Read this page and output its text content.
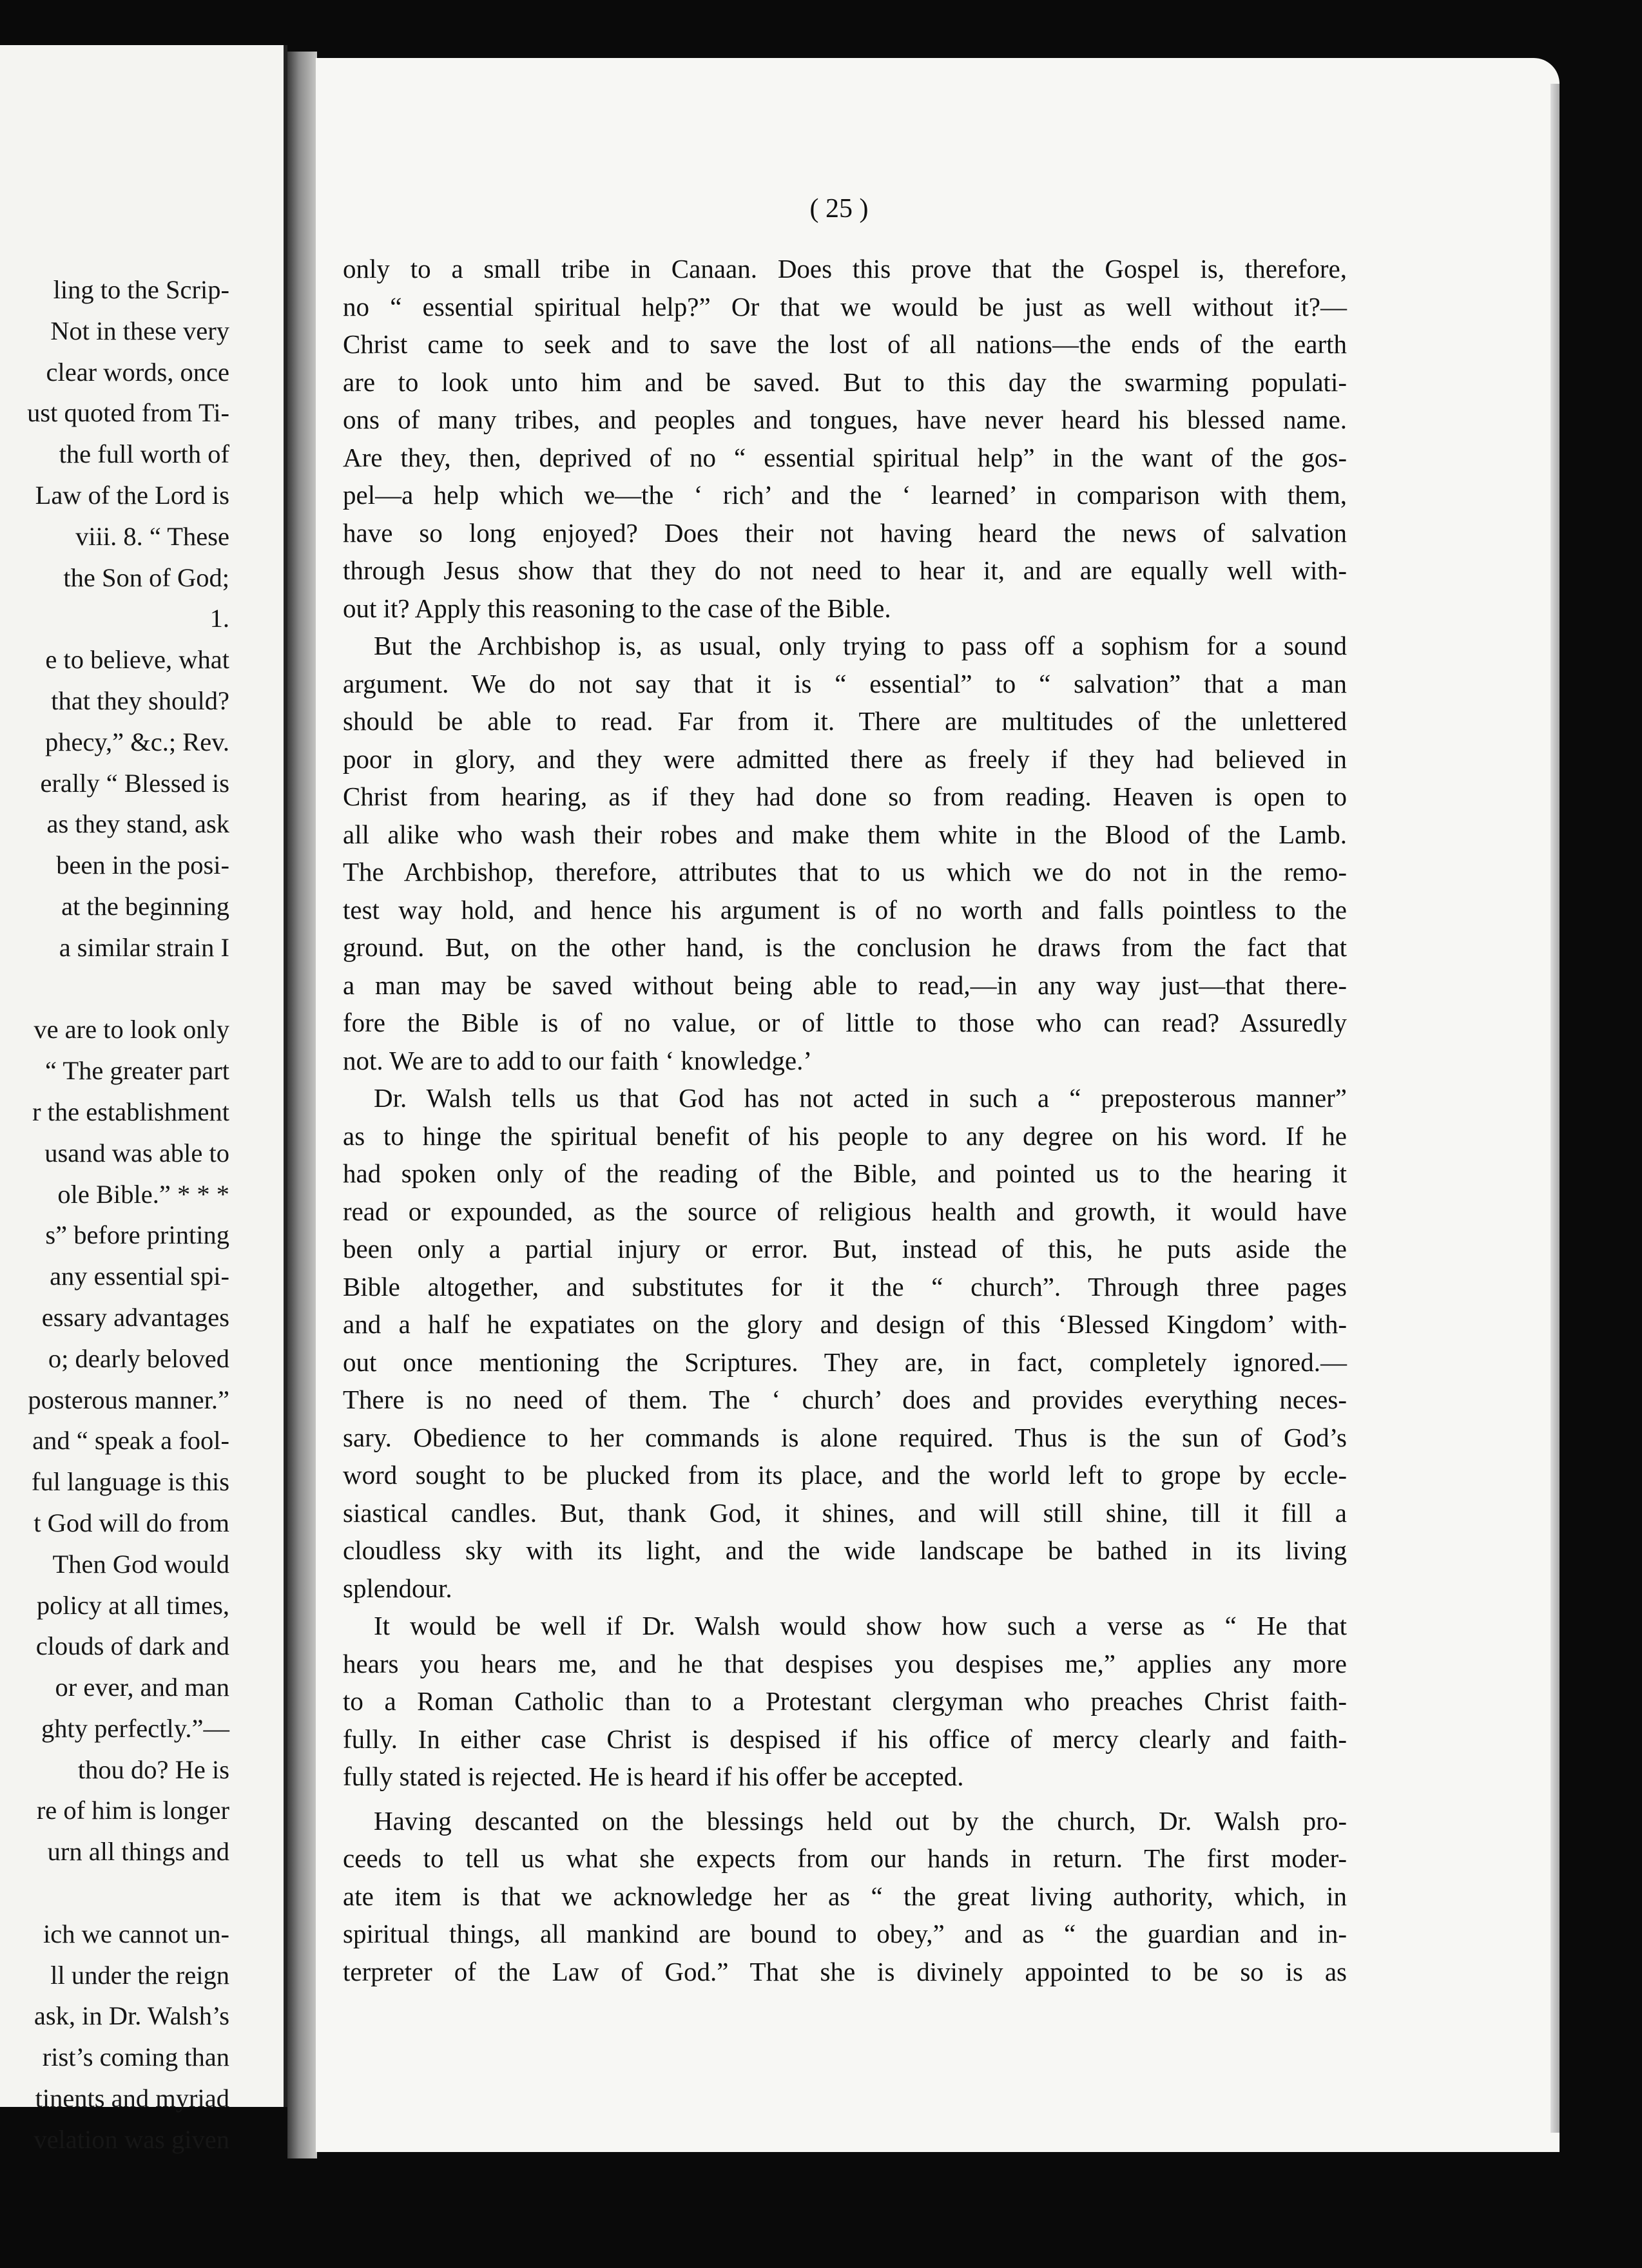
ling to the Scrip-
Not in these very
clear words, once
ust quoted from Ti-
the full worth of
Law of the Lord is
viii. 8. “ These
the Son of God;
1.
e to believe, what
that they should?
phecy,” &c.; Rev.
erally “ Blessed is
as they stand, ask
been in the posi-
at the beginning
a similar strain I
ve are to look only
“ The greater part
r the establishment
usand was able to
ole Bible.” * * *
s” before printing
any essential spi-
essary advantages
o; dearly beloved
posterous manner.”
and “ speak a fool-
ful language is this
t God will do from
Then God would
policy at all times,
clouds of dark and
or ever, and man
ghty perfectly.”—
thou do? He is
re of him is longer
urn all things and
ich we cannot un-
ll under the reign
ask, in Dr. Walsh’s
rist’s coming than
tinents and myriad
velation was given
( 25 )
only to a small tribe in Canaan. Does this prove that the Gospel is, therefore,
no “ essential spiritual help?” Or that we would be just as well without it?—
Christ came to seek and to save the lost of all nations—the ends of the earth
are to look unto him and be saved. But to this day the swarming populati-
ons of many tribes, and peoples and tongues, have never heard his blessed name.
Are they, then, deprived of no “ essential spiritual help” in the want of the gos-
pel—a help which we—the ‘ rich’ and the ‘ learned’ in comparison with them,
have so long enjoyed? Does their not having heard the news of salvation
through Jesus show that they do not need to hear it, and are equally well with-
out it? Apply this reasoning to the case of the Bible.
But the Archbishop is, as usual, only trying to pass off a sophism for a sound
argument. We do not say that it is “ essential” to “ salvation” that a man
should be able to read. Far from it. There are multitudes of the unlettered
poor in glory, and they were admitted there as freely if they had believed in
Christ from hearing, as if they had done so from reading. Heaven is open to
all alike who wash their robes and make them white in the Blood of the Lamb.
The Archbishop, therefore, attributes that to us which we do not in the remo-
test way hold, and hence his argument is of no worth and falls pointless to the
ground. But, on the other hand, is the conclusion he draws from the fact that
a man may be saved without being able to read,—in any way just—that there-
fore the Bible is of no value, or of little to those who can read? Assuredly
not. We are to add to our faith ‘ knowledge.’
Dr. Walsh tells us that God has not acted in such a “ preposterous manner”
as to hinge the spiritual benefit of his people to any degree on his word. If he
had spoken only of the reading of the Bible, and pointed us to the hearing it
read or expounded, as the source of religious health and growth, it would have
been only a partial injury or error. But, instead of this, he puts aside the
Bible altogether, and substitutes for it the “ church”. Through three pages
and a half he expatiates on the glory and design of this ‘Blessed Kingdom’ with-
out once mentioning the Scriptures. They are, in fact, completely ignored.—
There is no need of them. The ‘ church’ does and provides everything neces-
sary. Obedience to her commands is alone required. Thus is the sun of God’s
word sought to be plucked from its place, and the world left to grope by eccle-
siastical candles. But, thank God, it shines, and will still shine, till it fill a
cloudless sky with its light, and the wide landscape be bathed in its living
splendour.
It would be well if Dr. Walsh would show how such a verse as “ He that
hears you hears me, and he that despises you despises me,” applies any more
to a Roman Catholic than to a Protestant clergyman who preaches Christ faith-
fully. In either case Christ is despised if his office of mercy clearly and faith-
fully stated is rejected. He is heard if his offer be accepted.
Having descanted on the blessings held out by the church, Dr. Walsh pro-
ceeds to tell us what she expects from our hands in return. The first moder-
ate item is that we acknowledge her as “ the great living authority, which, in
spiritual things, all mankind are bound to obey,” and as “ the guardian and in-
terpreter of the Law of God.” That she is divinely appointed to be so is as
